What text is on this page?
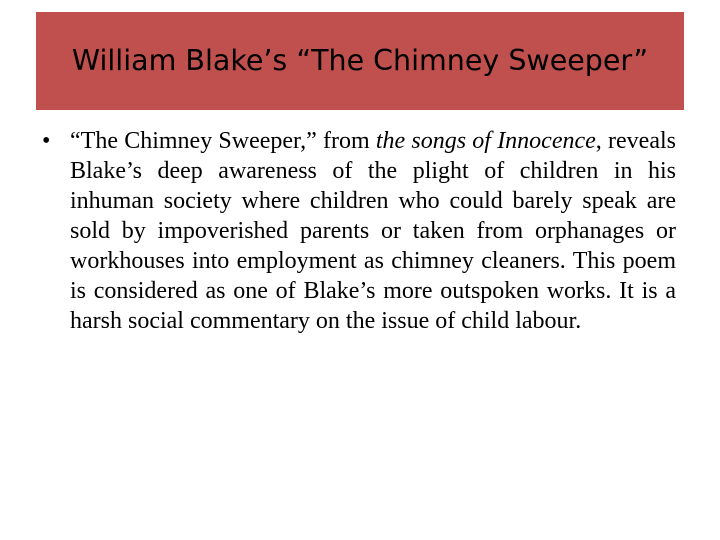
William Blake’s “The Chimney Sweeper”
• “The Chimney Sweeper,” from the songs of Innocence, reveals Blake’s deep awareness of the plight of children in his inhuman society where children who could barely speak are sold by impoverished parents or taken from orphanages or workhouses into employment as chimney cleaners. This poem is considered as one of Blake’s more outspoken works. It is a harsh social commentary on the issue of child labour.
